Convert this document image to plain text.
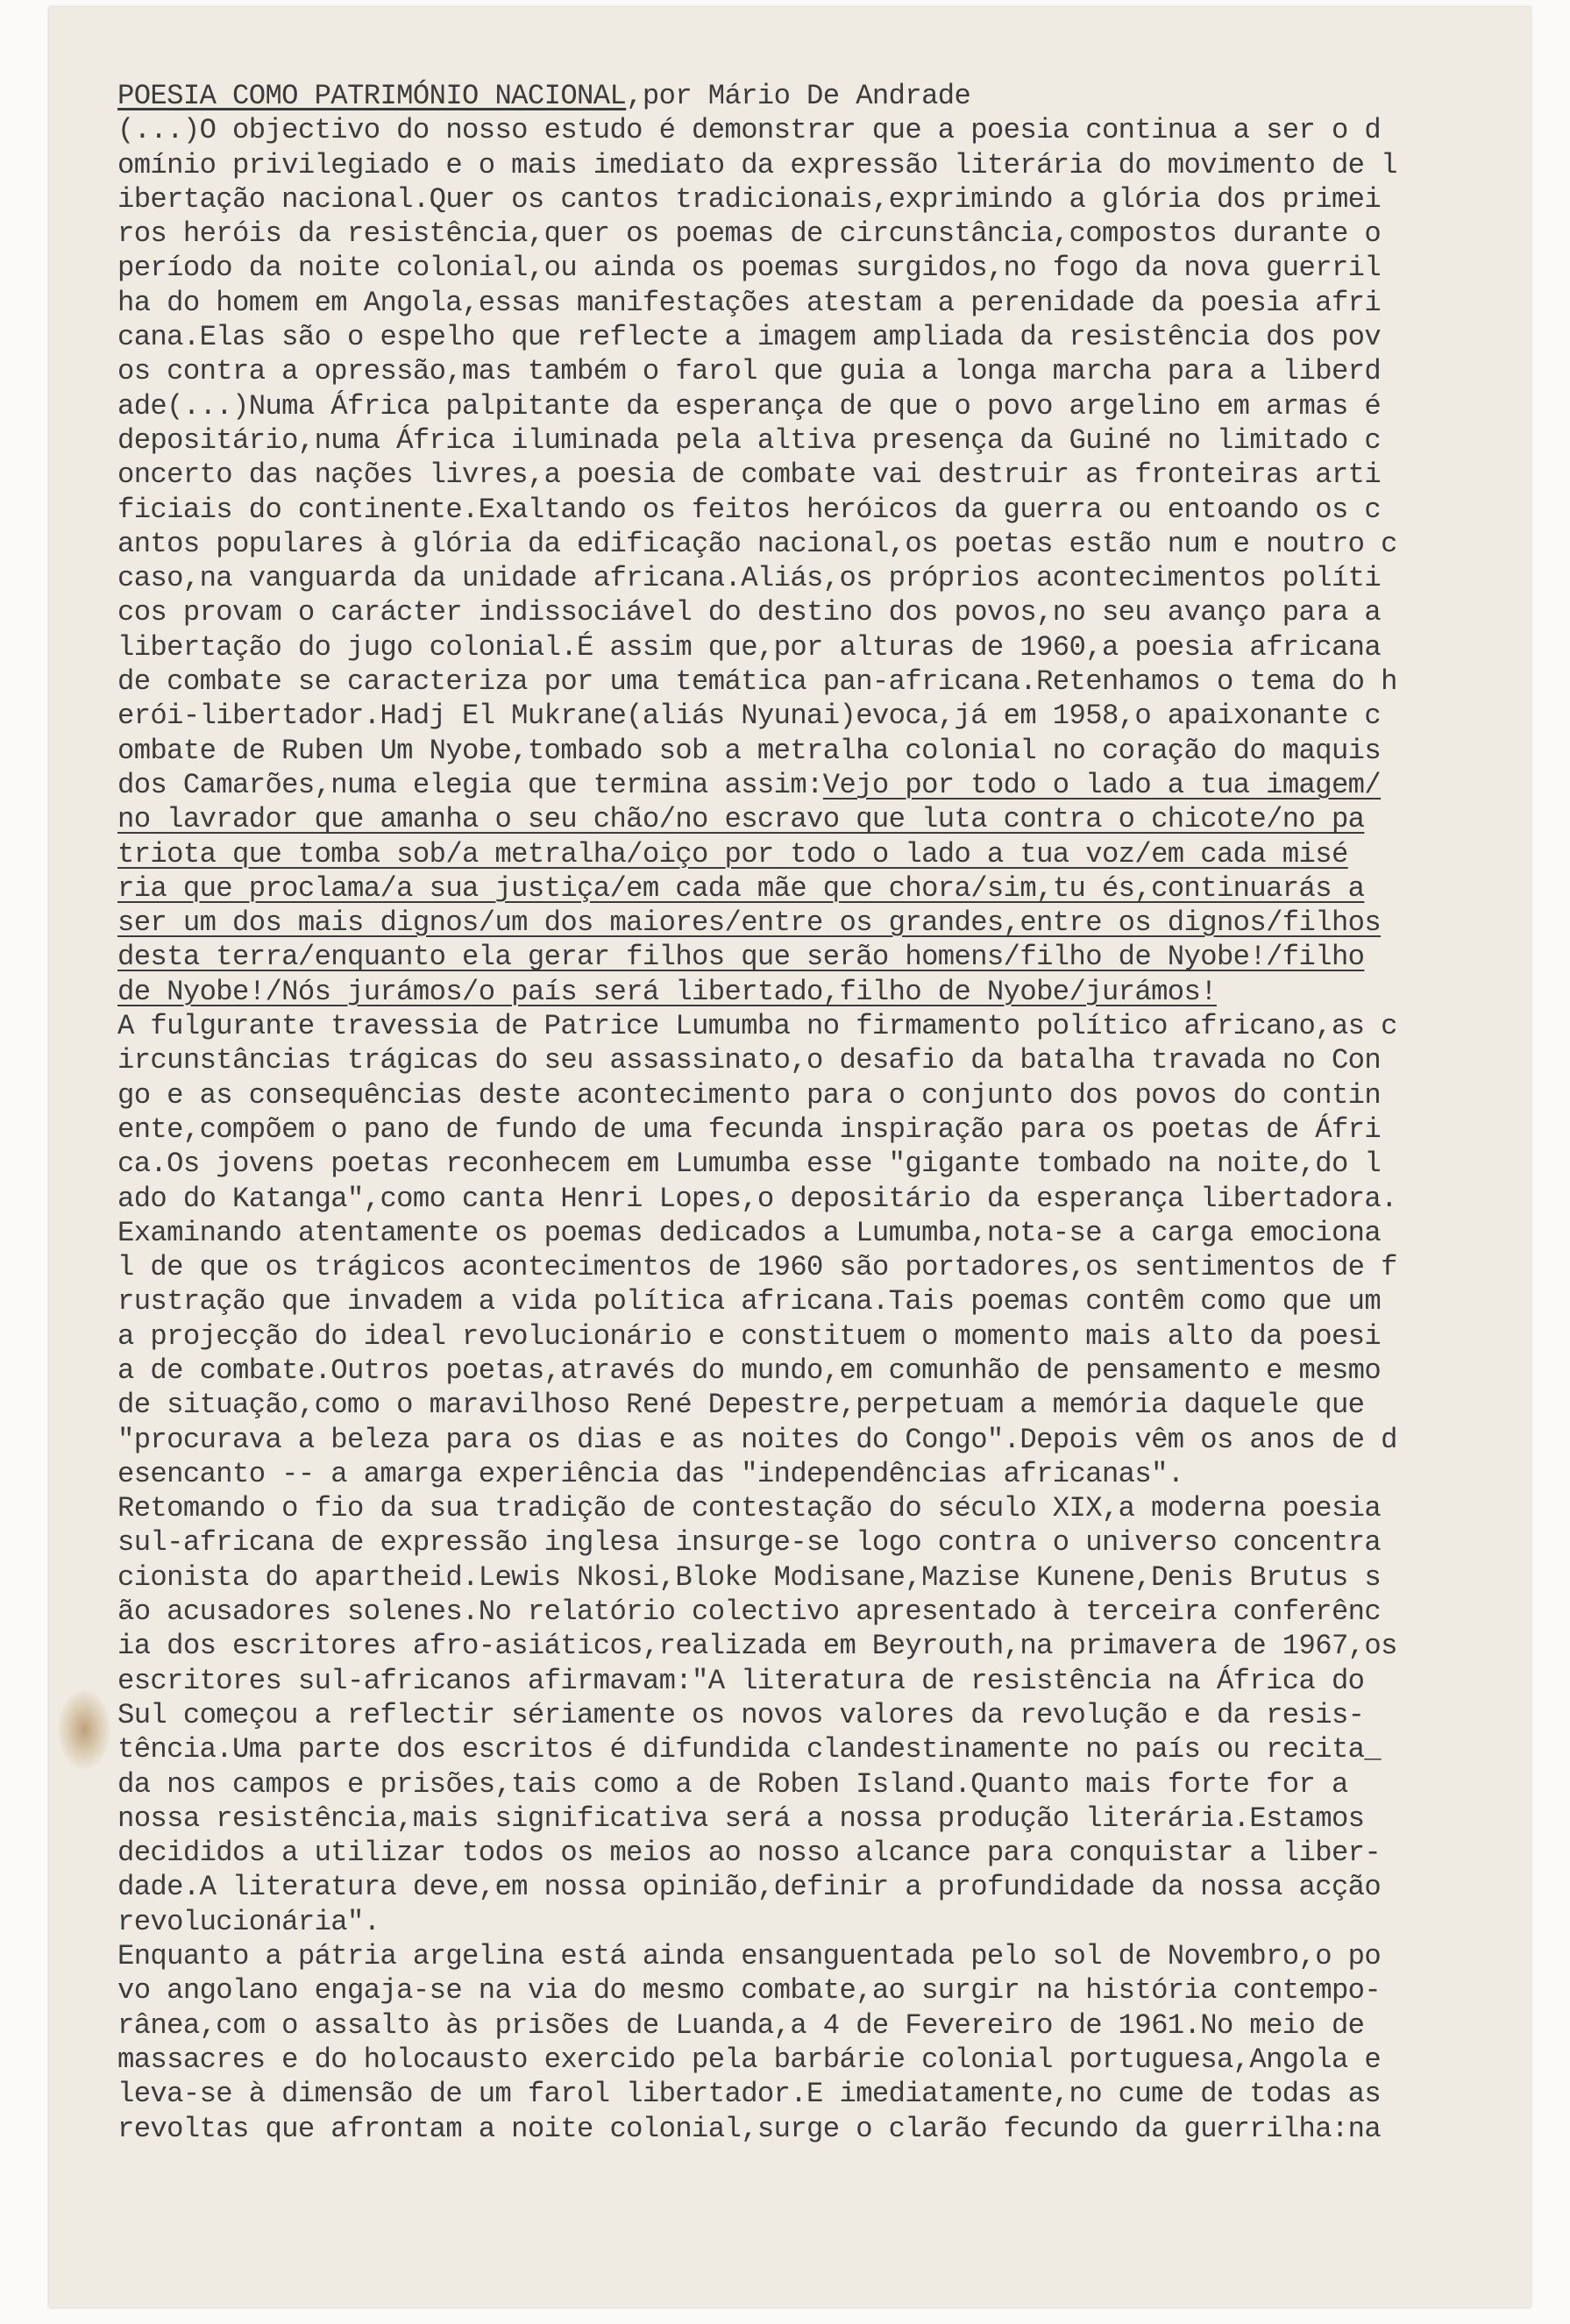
POESIA COMO PATRIMÓNIO NACIONAL,por Mário De Andrade
(...)O objectivo do nosso estudo é demonstrar que a poesia continua a ser o d
omínio privilegiado e o mais imediato da expressão literária do movimento de l
ibertação nacional.Quer os cantos tradicionais,exprimindo a glória dos primei
ros heróis da resistência,quer os poemas de circunstância,compostos durante o
período da noite colonial,ou ainda os poemas surgidos,no fogo da nova guerril
ha do homem em Angola,essas manifestações atestam a perenidade da poesia afri
cana.Elas são o espelho que reflecte a imagem ampliada da resistência dos pov
os contra a opressão,mas também o farol que guia a longa marcha para a liberd
ade(...)Numa África palpitante da esperança de que o povo argelino em armas é
depositário,numa África iluminada pela altiva presença da Guiné no limitado c
oncerto das nações livres,a poesia de combate vai destruir as fronteiras arti
ficiais do continente.Exaltando os feitos heróicos da guerra ou entoando os c
antos populares à glória da edificação nacional,os poetas estão num e noutro c
caso,na vanguarda da unidade africana.Aliás,os próprios acontecimentos políti
cos provam o carácter indissociável do destino dos povos,no seu avanço para a
libertação do jugo colonial.É assim que,por alturas de 1960,a poesia africana
de combate se caracteriza por uma temática pan-africana.Retenhamos o tema do h
erói-libertador.Hadj El Mukrane(aliás Nyunai)evoca,já em 1958,o apaixonante c
ombate de Ruben Um Nyobe,tombado sob a metralha colonial no coração do maquis
dos Camarões,numa elegia que termina assim:Vejo por todo o lado a tua imagem/
no lavrador que amanha o seu chão/no escravo que luta contra o chicote/no pa
triota que tomba sob/a metralha/oiço por todo o lado a tua voz/em cada misé
ria que proclama/a sua justiça/em cada mãe que chora/sim,tu és,continuarás a
ser um dos mais dignos/um dos maiores/entre os grandes,entre os dignos/filhos
desta terra/enquanto ela gerar filhos que serão homens/filho de Nyobe!/filho
de Nyobe!/Nós jurámos/o país será libertado,filho de Nyobe/jurámos!
A fulgurante travessia de Patrice Lumumba no firmamento político africano,as c
ircunstâncias trágicas do seu assassinato,o desafio da batalha travada no Con
go e as consequências deste acontecimento para o conjunto dos povos do contin
ente,compõem o pano de fundo de uma fecunda inspiração para os poetas de Áfri
ca.Os jovens poetas reconhecem em Lumumba esse "gigante tombado na noite,do l
ado do Katanga",como canta Henri Lopes,o depositário da esperança libertadora.
Examinando atentamente os poemas dedicados a Lumumba,nota-se a carga emociona
l de que os trágicos acontecimentos de 1960 são portadores,os sentimentos de f
rustração que invadem a vida política africana.Tais poemas contêm como que um
a projecção do ideal revolucionário e constituem o momento mais alto da poesi
a de combate.Outros poetas,através do mundo,em comunhão de pensamento e mesmo
de situação,como o maravilhoso René Depestre,perpetuam a memória daquele que
"procurava a beleza para os dias e as noites do Congo".Depois vêm os anos de d
esencanto -- a amarga experiência das "independências africanas".
Retomando o fio da sua tradição de contestação do século XIX,a moderna poesia
sul-africana de expressão inglesa insurge-se logo contra o universo concentra
cionista do apartheid.Lewis Nkosi,Bloke Modisane,Mazise Kunene,Denis Brutus s
ão acusadores solenes.No relatório colectivo apresentado à terceira conferênc
ia dos escritores afro-asiáticos,realizada em Beyrouth,na primavera de 1967,os
escritores sul-africanos afirmavam:"A literatura de resistência na África do
Sul começou a reflectir sériamente os novos valores da revolução e da resis-
tência.Uma parte dos escritos é difundida clandestinamente no país ou recita_
da nos campos e prisões,tais como a de Roben Island.Quanto mais forte for a
nossa resistência,mais significativa será a nossa produção literária.Estamos
decididos a utilizar todos os meios ao nosso alcance para conquistar a liber-
dade.A literatura deve,em nossa opinião,definir a profundidade da nossa acção
revolucionária".
Enquanto a pátria argelina está ainda ensanguentada pelo sol de Novembro,o po
vo angolano engaja-se na via do mesmo combate,ao surgir na história contempo-
rânea,com o assalto às prisões de Luanda,a 4 de Fevereiro de 1961.No meio de
massacres e do holocausto exercido pela barbárie colonial portuguesa,Angola e
leva-se à dimensão de um farol libertador.E imediatamente,no cume de todas as
revoltas que afrontam a noite colonial,surge o clarão fecundo da guerrilha:na
